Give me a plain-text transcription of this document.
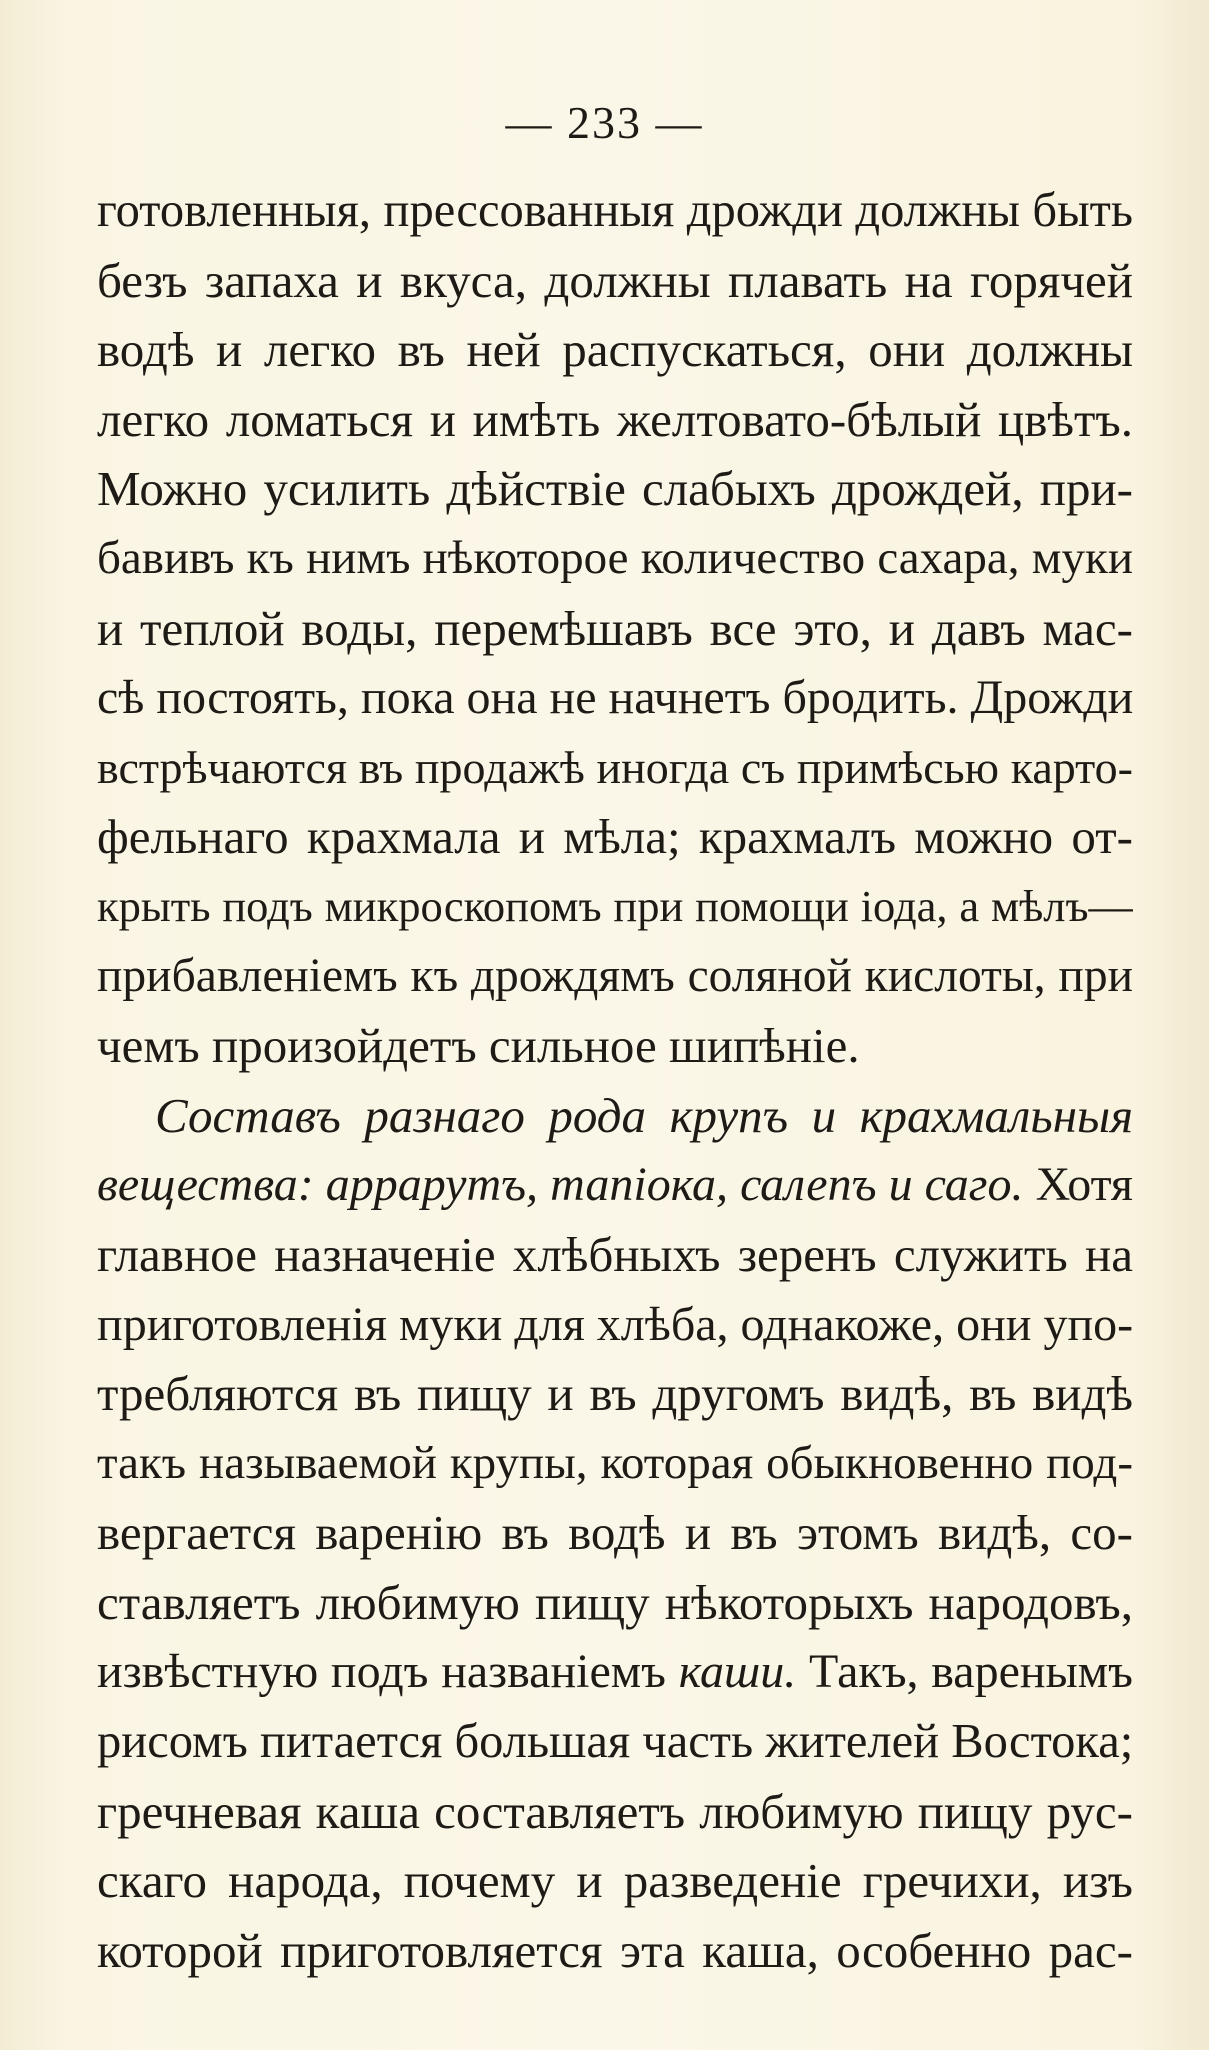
— 233 —
готовленныя, прессованныя дрожди должны быть
безъ запаха и вкуса, должны плавать на горячей
водѣ и легко въ ней распускаться, они должны
легко ломаться и имѣть желтовато-бѣлый цвѣтъ.
Можно усилить дѣйствіе слабыхъ дрождей, при-
бавивъ къ нимъ нѣкоторое количество сахара, муки
и теплой воды, перемѣшавъ все это, и давъ мас-
сѣ постоять, пока она не начнетъ бродить. Дрожди
встрѣчаются въ продажѣ иногда съ примѣсью карто-
фельнаго крахмала и мѣла; крахмалъ можно от-
крыть подъ микроскопомъ при помощи іода, а мѣлъ—
прибавленіемъ къ дрождямъ соляной кислоты, при
чемъ произойдетъ сильное шипѣніе.
Составъ разнаго рода крупъ и крахмальныя
вещества: аррарутъ, тапіока, салепъ и саго. Хотя
главное назначеніе хлѣбныхъ зеренъ служить на
приготовленія муки для хлѣба, однакоже, они упо-
требляются въ пищу и въ другомъ видѣ, въ видѣ
такъ называемой крупы, которая обыкновенно под-
вергается варенію въ водѣ и въ этомъ видѣ, со-
ставляетъ любимую пищу нѣкоторыхъ народовъ,
извѣстную подъ названіемъ каши. Такъ, варенымъ
рисомъ питается большая часть жителей Востока;
гречневая каша составляетъ любимую пищу рус-
скаго народа, почему и разведеніе гречихи, изъ
которой приготовляется эта каша, особенно рас-
